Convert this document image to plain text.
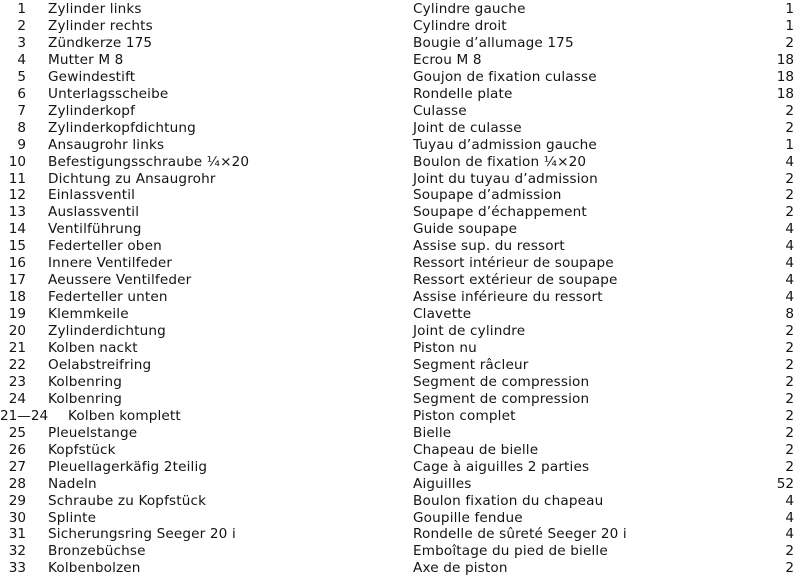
1 Zylinder links	Cylindre gauche	1
2 Zylinder rechts	Cylindre droit	1
3 Zündkerze 175	Bougie d’allumage 175	2
4 Mutter M 8	Ecrou M 8	18
5 Gewindestift	Goujon de fixation culasse	18
6 Unterlagsscheibe	Rondelle plate	18
7 Zylinderkopf	Culasse	2
8 Zylinderkopfdichtung	Joint de culasse	2
9 Ansaugrohr links	Tuyau d’admission gauche	1
10 Befestigungsschraube ¼×20	Boulon de fixation ¼×20	4
11 Dichtung zu Ansaugrohr	Joint du tuyau d’admission	2
12 Einlassventil	Soupape d’admission	2
13 Auslassventil	Soupape d’échappement	2
14 Ventilführung	Guide soupape	4
15 Federteller oben	Assise sup. du ressort	4
16 Innere Ventilfeder	Ressort intérieur de soupape	4
17 Aeussere Ventilfeder	Ressort extérieur de soupape	4
18 Federteller unten	Assise inférieure du ressort	4
19 Klemmkeile	Clavette	8
20 Zylinderdichtung	Joint de cylindre	2
21 Kolben nackt	Piston nu	2
22 Oelabstreifring	Segment râcleur	2
23 Kolbenring	Segment de compression	2
24 Kolbenring	Segment de compression	2
21—24 Kolben komplett	Piston complet	2
25 Pleuelstange	Bielle	2
26 Kopfstück	Chapeau de bielle	2
27 Pleuellagerkäfig 2teilig	Cage à aiguilles 2 parties	2
28 Nadeln	Aiguilles	52
29 Schraube zu Kopfstück	Boulon fixation du chapeau	4
30 Splinte	Goupille fendue	4
31 Sicherungsring Seeger 20 i	Rondelle de sûreté Seeger 20 i	4
32 Bronzebüchse	Emboîtage du pied de bielle	2
33 Kolbenbolzen	Axe de piston	2
